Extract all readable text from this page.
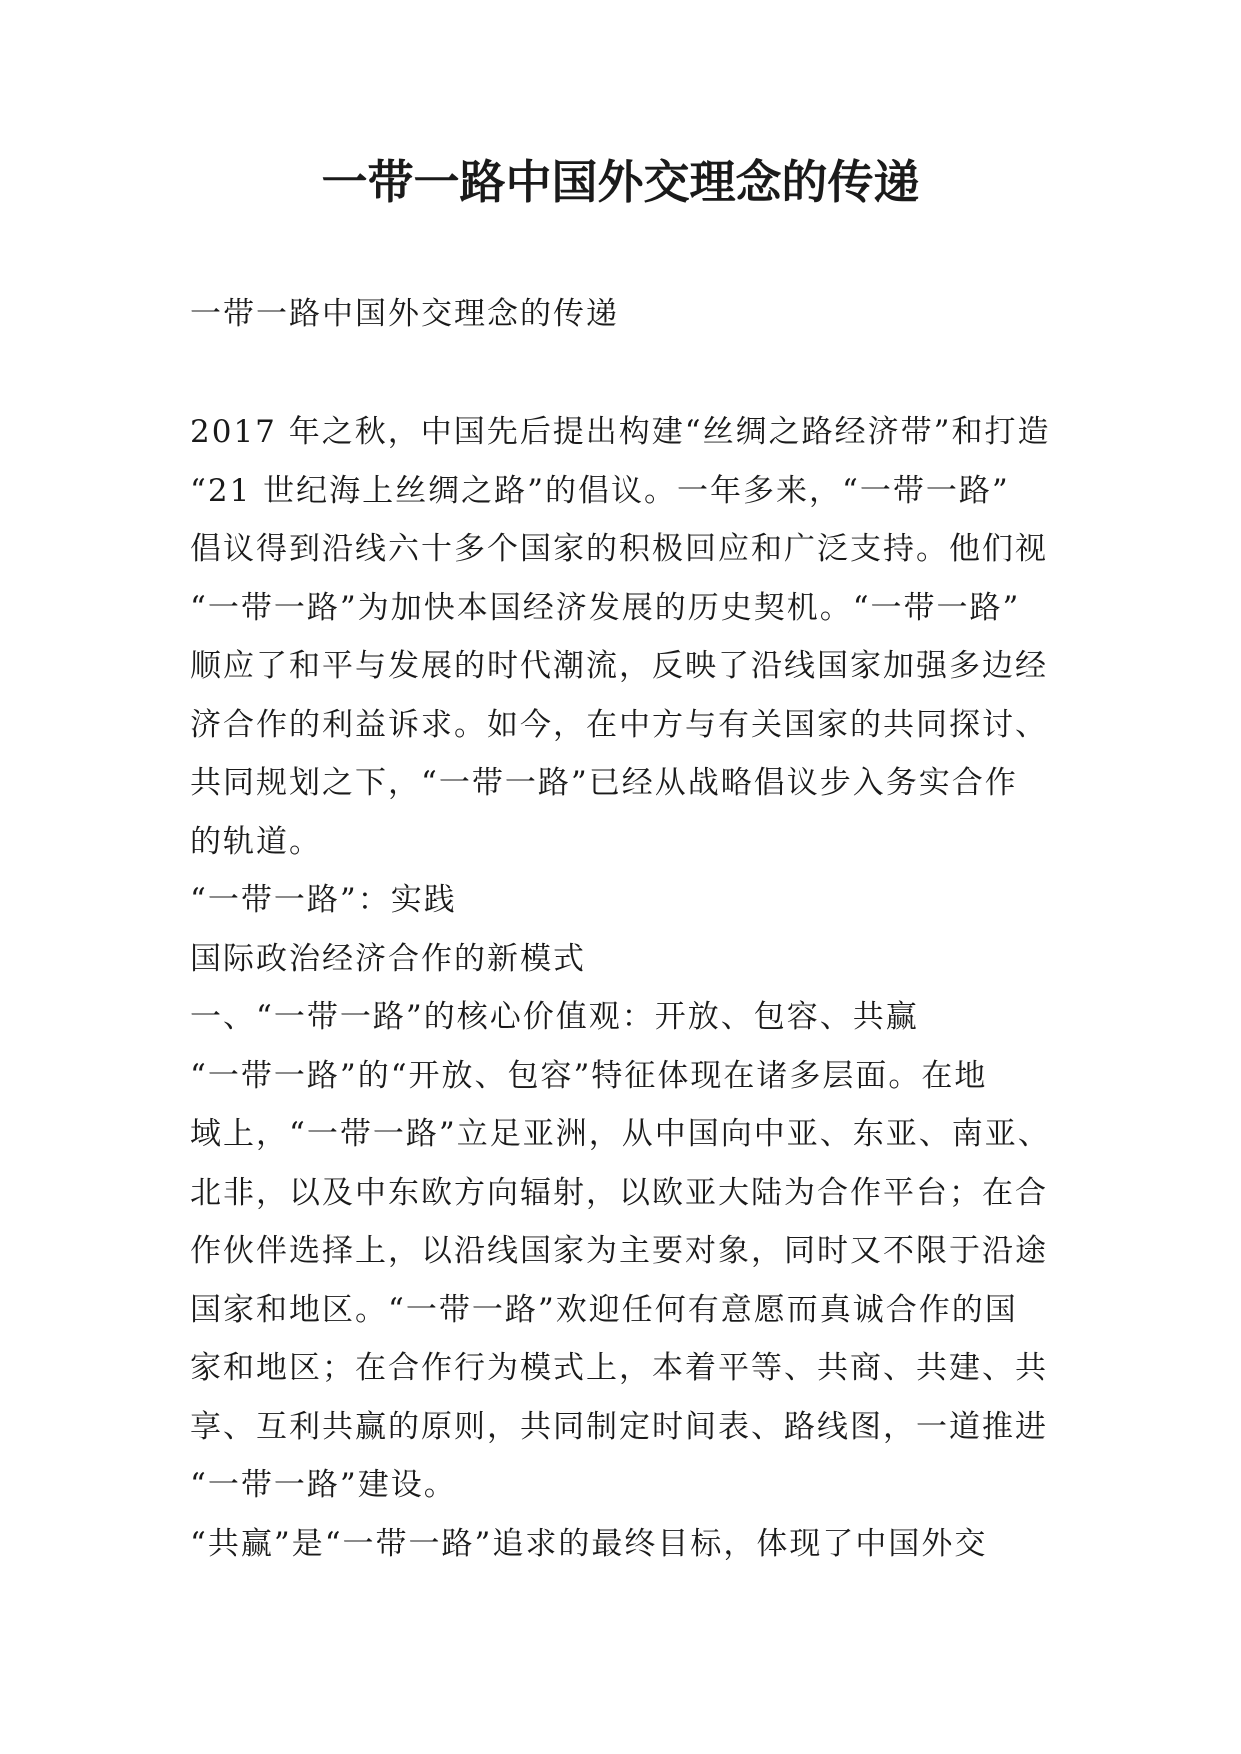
一带一路中国外交理念的传递

一带一路中国外交理念的传递

2017 年之秋，中国先后提出构建“丝绸之路经济带”和打造
“21 世纪海上丝绸之路”的倡议。一年多来，“一带一路”
倡议得到沿线六十多个国家的积极回应和广泛支持。他们视
“一带一路”为加快本国经济发展的历史契机。“一带一路”
顺应了和平与发展的时代潮流，反映了沿线国家加强多边经
济合作的利益诉求。如今，在中方与有关国家的共同探讨、
共同规划之下，“一带一路”已经从战略倡议步入务实合作
的轨道。
“一带一路”：实践
国际政治经济合作的新模式
一、“一带一路”的核心价值观：开放、包容、共赢
“一带一路”的“开放、包容”特征体现在诸多层面。在地
域上，“一带一路”立足亚洲，从中国向中亚、东亚、南亚、
北非，以及中东欧方向辐射，以欧亚大陆为合作平台；在合
作伙伴选择上，以沿线国家为主要对象，同时又不限于沿途
国家和地区。“一带一路”欢迎任何有意愿而真诚合作的国
家和地区；在合作行为模式上，本着平等、共商、共建、共
享、互利共赢的原则，共同制定时间表、路线图，一道推进
“一带一路”建设。
“共赢”是“一带一路”追求的最终目标，体现了中国外交
